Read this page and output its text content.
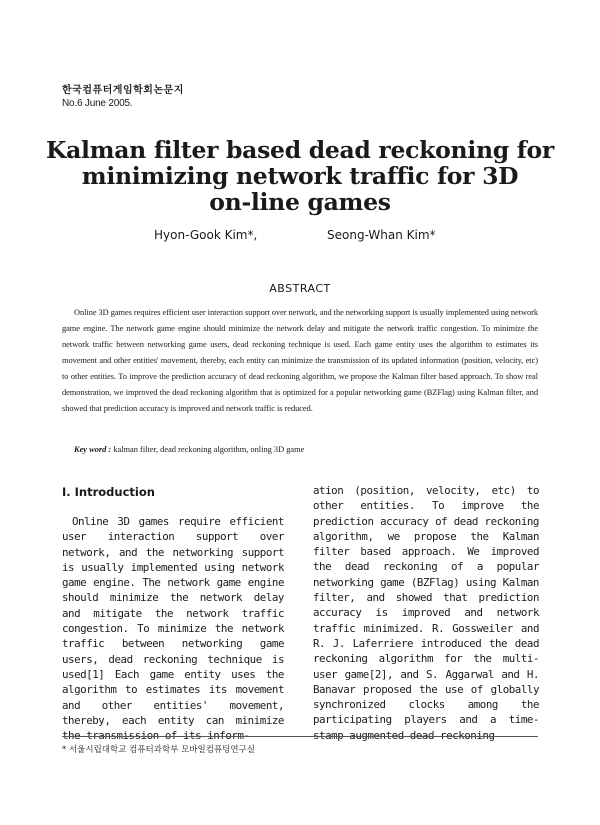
한국컴퓨터게임학회논문지
No.6 June 2005.
Kalman filter based dead reckoning for
minimizing network traffic for 3D
on-line games
Hyon-Gook Kim*,	Seong-Whan Kim*
ABSTRACT
Online 3D games requires efficient user interaction support over network, and the networking support is usually implemented using network game engine. The network game engine should minimize the network delay and mitigate the network traffic congestion. To minimize the network traffic between networking game users, dead reckoning technique is used. Each game entity uses the algorithm to estimates its movement and other entities' movement, thereby, each entity can minimize the transmission of its updated information (position, velocity, etc) to other entities. To improve the prediction accuracy of dead reckoning algorithm, we propose the Kalman filter based approach. To show real demonstration, we improved the dead reckoning algorithm that is optimized for a popular networking game (BZFlag) using Kalman filter, and showed that prediction accuracy is improved and network traffic is reduced.
Key word : kalman filter, dead reckoning algorithm, onling 3D game
Ⅰ. Introduction
Online 3D games require efficient user interaction support over network, and the networking support is usually implemented using network game engine. The network game engine should minimize the network delay and mitigate the network traffic congestion. To minimize the network traffic between networking game users, dead reckoning technique is used[1] Each game entity uses the algorithm to estimates its movement and other entities' movement, thereby, each entity can minimize the transmission of its inform-
ation (position, velocity, etc) to other entities. To improve the prediction accuracy of dead reckoning algorithm, we propose the Kalman filter based approach. We improved the dead reckoning of a popular networking game (BZFlag) using Kalman filter, and showed that prediction accuracy is improved and network traffic minimized. R. Gossweiler and R. J. Laferriere introduced the dead reckoning algorithm for the multi-user game[2], and S. Aggarwal and H. Banavar proposed the use of globally synchronized clocks among the participating players and a time-stamp augmented dead reckoning
* 서울시립대학교 컴퓨터과학부 모바일컴퓨팅연구실
